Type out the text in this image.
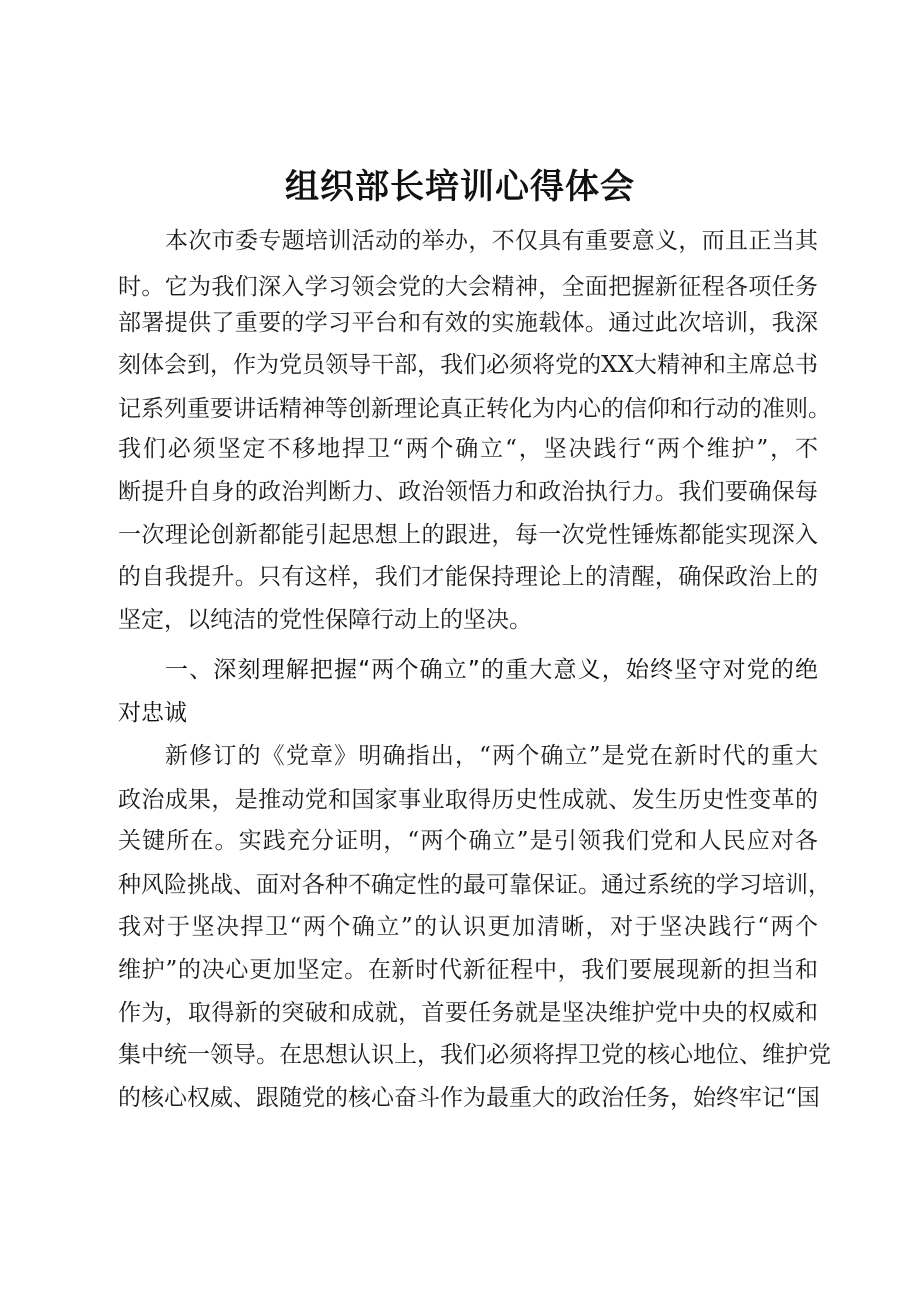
组织部长培训心得体会

本次市委专题培训活动的举办，不仅具有重要意义，而且正当其

时。它为我们深入学习领会党的大会精神，全面把握新征程各项任务

部署提供了重要的学习平台和有效的实施载体。通过此次培训，我深

刻体会到，作为党员领导干部，我们必须将党的XX大精神和主席总书

记系列重要讲话精神等创新理论真正转化为内心的信仰和行动的准则。

我们必须坚定不移地捍卫“两个确立“，坚决践行“两个维护”，不

断提升自身的政治判断力、政治领悟力和政治执行力。我们要确保每

一次理论创新都能引起思想上的跟进，每一次党性锤炼都能实现深入

的自我提升。只有这样，我们才能保持理论上的清醒，确保政治上的

坚定，以纯洁的党性保障行动上的坚决。

一、深刻理解把握“两个确立”的重大意义，始终坚守对党的绝

对忠诚

新修订的《党章》明确指出，“两个确立”是党在新时代的重大

政治成果，是推动党和国家事业取得历史性成就、发生历史性变革的

关键所在。实践充分证明，“两个确立”是引领我们党和人民应对各

种风险挑战、面对各种不确定性的最可靠保证。通过系统的学习培训，

我对于坚决捍卫“两个确立”的认识更加清晰，对于坚决践行“两个

维护”的决心更加坚定。在新时代新征程中，我们要展现新的担当和

作为，取得新的突破和成就，首要任务就是坚决维护党中央的权威和

集中统一领导。在思想认识上，我们必须将捍卫党的核心地位、维护党

的核心权威、跟随党的核心奋斗作为最重大的政治任务，始终牢记“国
